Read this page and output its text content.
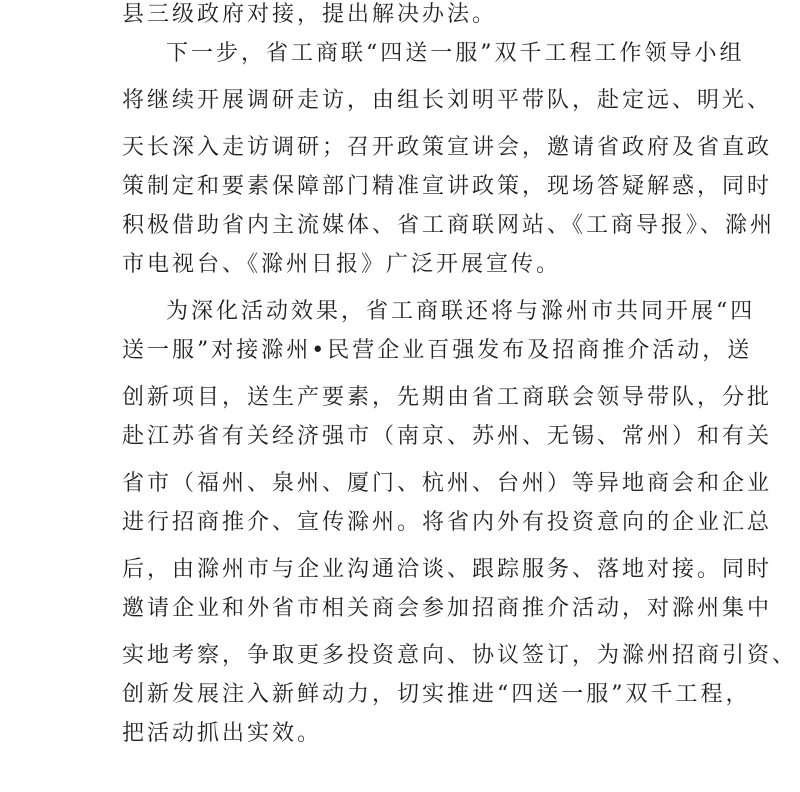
县三级政府对接，提出解决办法。
下一步，省工商联“四送一服”双千工程工作领导小组
将继续开展调研走访，由组长刘明平带队，赴定远、明光、
天长深入走访调研；召开政策宣讲会，邀请省政府及省直政
策制定和要素保障部门精准宣讲政策，现场答疑解惑，同时
积极借助省内主流媒体、省工商联网站、《工商导报》、滁州
市电视台、《滁州日报》广泛开展宣传。
为深化活动效果，省工商联还将与滁州市共同开展“四
送一服”对接滁州•民营企业百强发布及招商推介活动，送
创新项目，送生产要素，先期由省工商联会领导带队，分批
赴江苏省有关经济强市（南京、苏州、无锡、常州）和有关
省市（福州、泉州、厦门、杭州、台州）等异地商会和企业
进行招商推介、宣传滁州。将省内外有投资意向的企业汇总
后，由滁州市与企业沟通洽谈、跟踪服务、落地对接。同时
邀请企业和外省市相关商会参加招商推介活动，对滁州集中
实地考察，争取更多投资意向、协议签订，为滁州招商引资、
创新发展注入新鲜动力，切实推进“四送一服”双千工程，
把活动抓出实效。
